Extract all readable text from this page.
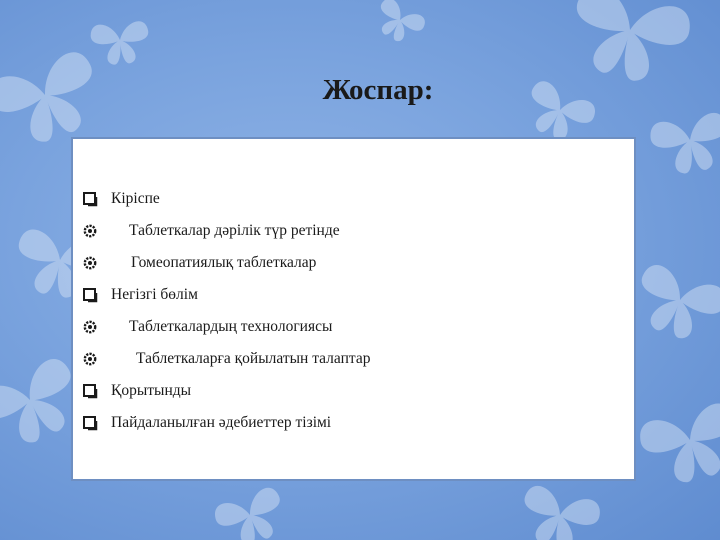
Жоспар:
Кіріспе
Таблеткалар дәрілік түр ретінде
Гомеопатиялық таблеткалар
Негізгі бөлім
Таблеткалардың технологиясы
Таблеткаларға қойылатын талаптар
Қорытынды
Пайдаланылған әдебиеттер тізімі
